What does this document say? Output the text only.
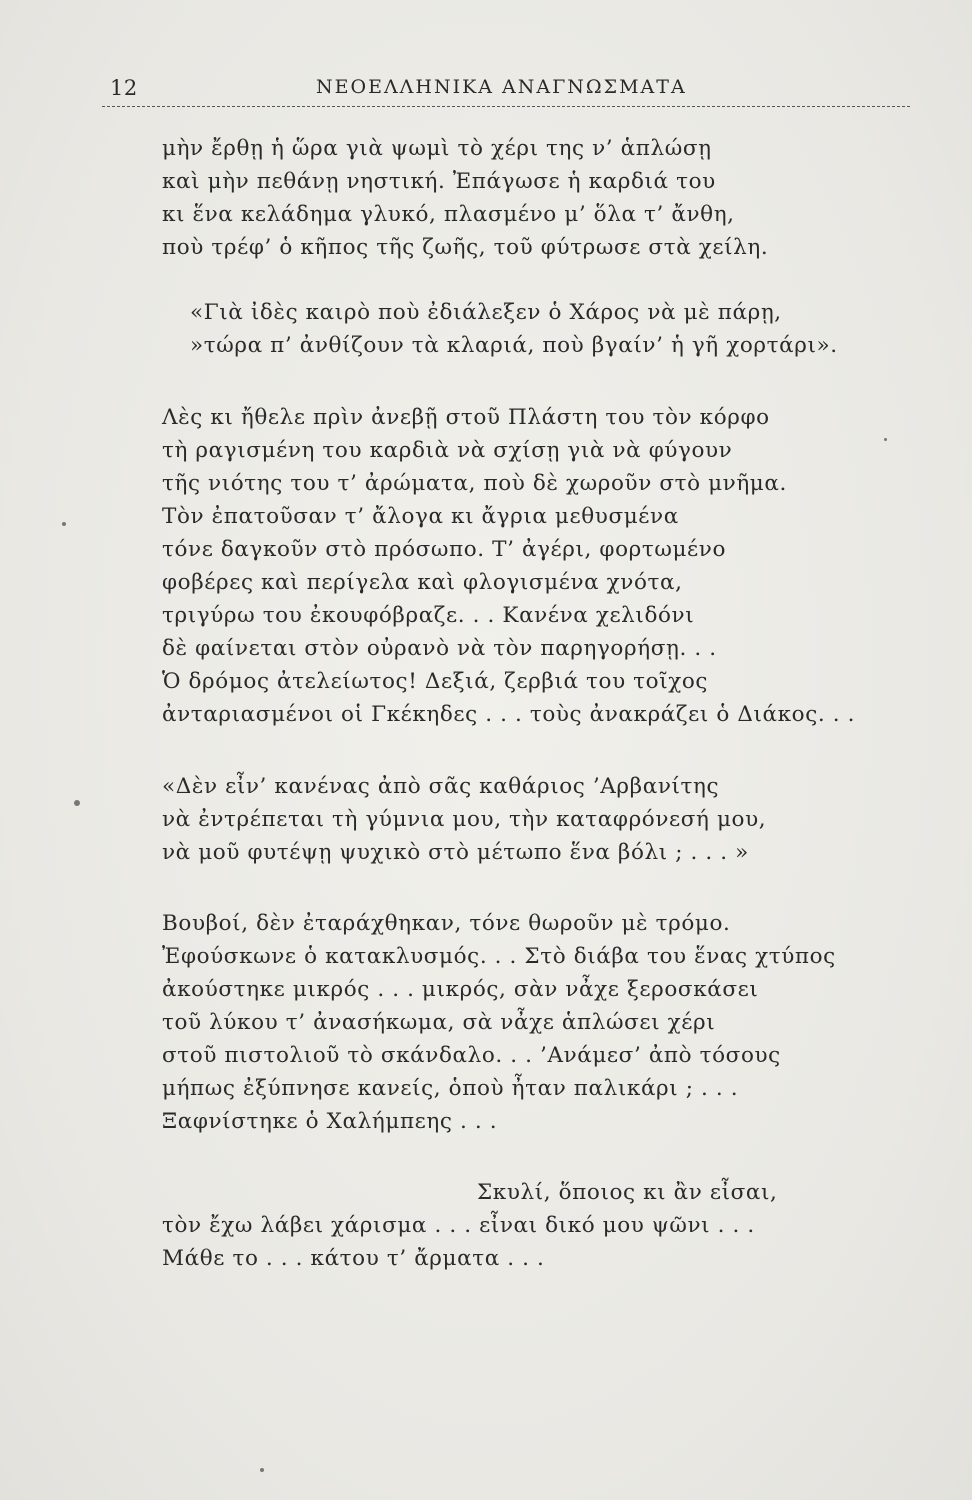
12	ΝΕΟΕΛΛΗΝΙΚΑ ΑΝΑΓΝΩΣΜΑΤΑ
μὴν ἔρθῃ ἡ ὥρα γιὰ ψωμὶ τὸ χέρι της ν’ ἁπλώσῃ
καὶ μὴν πεθάνῃ νηστική. Ἐπάγωσε ἡ καρδιά του
κι ἕνα κελάδημα γλυκό, πλασμένο μ’ ὅλα τ’ ἄνθη,
ποὺ τρέφ’ ὁ κῆπος τῆς ζωῆς, τοῦ φύτρωσε στὰ χείλη.
«Γιὰ ἰδὲς καιρὸ ποὺ ἐδιάλεξεν ὁ Χάρος νὰ μὲ πάρῃ,
»τώρα π’ ἀνθίζουν τὰ κλαριά, ποὺ βγαίν’ ἡ γῆ χορτάρι».
Λὲς κι ἤθελε πρὶν ἀνεβῇ στοῦ Πλάστη του τὸν κόρφο
τὴ ραγισμένη του καρδιὰ νὰ σχίσῃ γιὰ νὰ φύγουν
τῆς νιότης του τ’ ἀρώματα, ποὺ δὲ χωροῦν στὸ μνῆμα.
Τὸν ἐπατοῦσαν τ’ ἄλογα κι ἄγρια μεθυσμένα
τόνε δαγκοῦν στὸ πρόσωπο. Τ’ ἀγέρι, φορτωμένο
φοβέρες καὶ περίγελα καὶ φλογισμένα χνότα,
τριγύρω του ἐκουφόβραζε. . . Κανένα χελιδόνι
δὲ φαίνεται στὸν οὐρανὸ νὰ τὸν παρηγορήσῃ. . .
Ὁ δρόμος ἀτελείωτος! Δεξιά, ζερβιά του τοῖχος
ἀνταριασμένοι οἱ Γκέκηδες . . . τοὺς ἀνακράζει ὁ Διάκος. . .
«Δὲν εἶν’ κανένας ἀπὸ σᾶς καθάριος ’Αρβανίτης
νὰ ἐντρέπεται τὴ γύμνια μου, τὴν καταφρόνεσή μου,
νὰ μοῦ φυτέψῃ ψυχικὸ στὸ μέτωπο ἕνα βόλι ; . . . »
Βουβοί, δὲν ἐταράχθηκαν, τόνε θωροῦν μὲ τρόμο.
Ἐφούσκωνε ὁ κατακλυσμός. . . Στὸ διάβα του ἕνας χτύπος
ἀκούστηκε μικρός . . . μικρός, σὰν νἆχε ξεροσκάσει
τοῦ λύκου τ’ ἀνασήκωμα, σὰ νἆχε ἁπλώσει χέρι
στοῦ πιστολιοῦ τὸ σκάνδαλο. . . ’Ανάμεσ’ ἀπὸ τόσους
μήπως ἐξύπνησε κανείς, ὁποὺ ἦταν παλικάρι ; . . .
Ξαφνίστηκε ὁ Χαλήμπεης . . .
Σκυλί, ὅποιος κι ἂν εἶσαι,
τὸν ἔχω λάβει χάρισμα . . . εἶναι δικό μου ψῶνι . . .
Μάθε το . . . κάτου τ’ ἄρματα . . .
